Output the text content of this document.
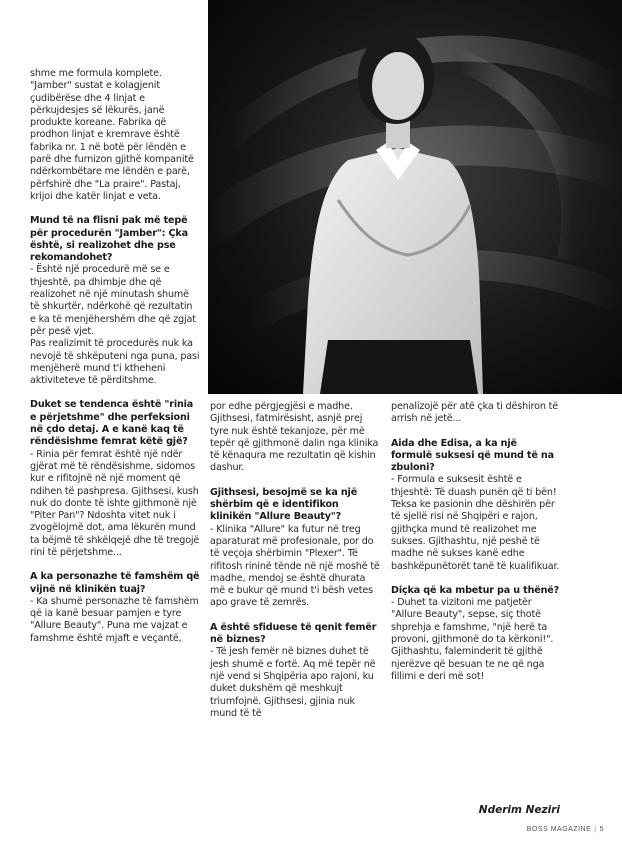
shme me formula komplete. "Jamber" sustat e kolagjenit çudibërëse dhe 4 linjat e përkujdesjes së lëkurës, janë produkte koreane. Fabrika që prodhon linjat e kremrave është fabrika nr. 1 në botë për lëndën e parë dhe furnizon gjithë kompanitë ndërkombëtare me lëndën e parë, përfshirë dhe "La praire". Pastaj, krijoi dhe katër linjat e veta.

Mund të na flisni pak më tepë për procedurën "Jamber": Çka është, si realizohet dhe pse rekomandohet?

- Është një procedurë më se e thjeshtë, pa dhimbje dhe që realizohet në një minutash shumë të shkurtër, ndërkohë që rezultatin e ka të menjëhershëm dhe që zgjat për pesë vjet.

Pas realizimit të procedurës nuk ka nevojë të shkëputeni nga puna, pasi menjëherë mund t'i ktheheni aktiviteteve të përditshme.

Duket se tendenca është "rinia e përjetshme" dhe perfeksioni në çdo detaj. A e kanë kaq të rëndësishme femrat këtë gjë?

- Rinia për femrat është një ndër gjërat më të rëndësishme, sidomos kur e rifitojnë në një moment që ndihen të pashpresa. Gjithsesi, kush nuk do donte të ishte gjithmonë një "Piter Pan"? Ndoshta vitet nuk i zvogëlojmë dot, ama lëkurën mund ta bëjmë të shkëlqejë dhe të tregojë rini të përjetshme...

A ka personazhe të famshëm që vijnë në klinikën tuaj?

- Ka shumë personazhe të famshëm që ia kanë besuar pamjen e tyre "Allure Beauty". Puna me vajzat e famshme është mjaft e veçantë,

por edhe përgjegjësi e madhe. Gjithsesi, fatmirësisht, asnjë prej tyre nuk është tekanjoze, për më tepër që gjithmonë dalin nga klinika të kënaqura me rezultatin që kishin dashur.

Gjithsesi, besojmë se ka një shërbim që e identifikon klinikën "Allure Beauty"?

- Klinika "Allure" ka futur në treg aparaturat më profesionale, por do të veçoja shërbimin "Plexer". Të rifitosh rininë tënde në një moshë të madhe, mendoj se është dhurata më e bukur që mund t'i bësh vetes apo grave të zemrës.

A është sfiduese të qenit femër në biznes?

- Të jesh femër në biznes duhet të jesh shumë e fortë. Aq më tepër në një vend si Shqipëria apo rajoni, ku duket dukshëm që meshkujt triumfojnë. Gjithsesi, gjinia nuk mund të të

penalizojë për atë çka ti dëshiron të arrish në jetë...

Aida dhe Edisa, a ka një formulë suksesi që mund të na zbuloni?

- Formula e suksesit është e thjeshtë: Të duash punën që ti bën! Teksa ke pasionin dhe dëshirën për të sjellë risi në Shqipëri e rajon, gjithçka mund të realizohet me sukses. Gjithashtu, një peshë të madhe në sukses kanë edhe bashkëpunëtorët tanë të kualifikuar.

Diçka që ka mbetur pa u thënë?

- Duhet ta vizitoni me patjetër "Allure Beauty", sepse, siç thotë shprehja e famshme, "një herë ta provoni, gjithmonë do ta kërkoni!". Gjithashtu, faleminderit të gjithë njerëzve që besuan te ne që nga fillimi e deri më sot!

Nderim Neziri
BOSS MAGAZINE | 5
